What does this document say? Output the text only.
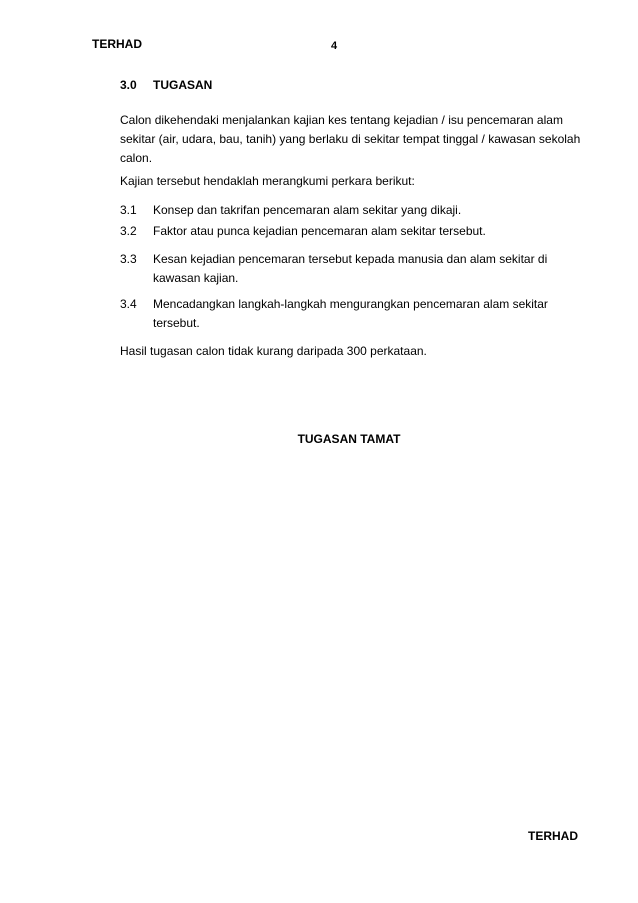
TERHAD	4
3.0 TUGASAN
Calon dikehendaki menjalankan kajian kes tentang kejadian / isu pencemaran alam sekitar (air, udara, bau, tanih) yang berlaku di sekitar tempat tinggal / kawasan sekolah calon.
Kajian tersebut hendaklah merangkumi perkara berikut:
3.1	Konsep dan takrifan pencemaran alam sekitar yang dikaji.
3.2	Faktor atau punca kejadian pencemaran alam sekitar tersebut.
3.3	Kesan kejadian pencemaran tersebut kepada manusia dan alam sekitar di kawasan kajian.
3.4	Mencadangkan langkah-langkah mengurangkan pencemaran alam sekitar tersebut.
Hasil tugasan calon tidak kurang daripada 300 perkataan.
TUGASAN TAMAT
TERHAD
